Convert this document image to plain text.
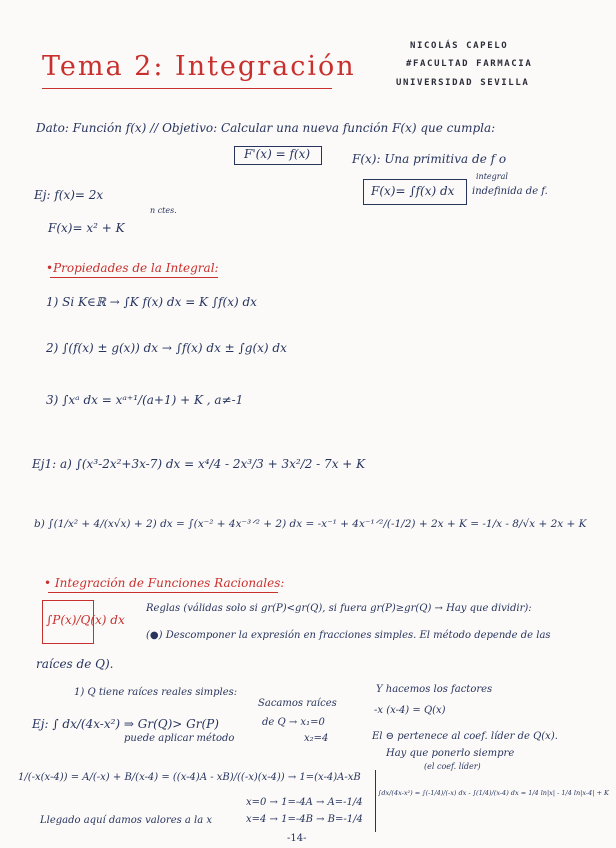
NICOLÁS CAPELO
#FACULTAD FARMACIA
UNIVERSIDAD SEVILLA
Tema 2: Integración
Dato: Función f(x) // Objetivo: Calcular una nueva función F(x) que cumpla:
F'(x) = f(x)	F(x): Una primitiva de f o
integral
F(x)= ∫f(x) dx indefinida de f.
Ej: f(x)= 2x
n ctes.
F(x)= x² + K
•Propiedades de la Integral:
1) Si K∈ℝ → ∫K f(x) dx = K ∫f(x) dx
2) ∫(f(x) ± g(x)) dx → ∫f(x) dx ± ∫g(x) dx
3) ∫xᵃ dx = xᵃ⁺¹/(a+1) + K , a≠-1
Ej1: a) ∫(x³-2x²+3x-7) dx = x⁴/4 - 2x³/3 + 3x²/2 - 7x + K
b) ∫(1/x² + 4/(x√x) + 2) dx = ∫(x⁻² + 4x⁻³ᐟ² + 2) dx = -x⁻¹ + 4x⁻¹ᐟ²/(-1/2) + 2x + K = -1/x - 8/√x + 2x + K
• Integración de Funciones Racionales:
∫P(x)/Q(x) dx
Reglas (válidas solo si gr(P)<gr(Q), si fuera gr(P)≥gr(Q) → Hay que dividir):
(●) Descomponer la expresión en fracciones simples. El método depende de las
raíces de Q).
1) Q tiene raíces reales simples:	Y hacemos los factores
Sacamos raíces
-x (x-4) = Q(x)
Ej: ∫ dx/(4x-x²) ⇒ Gr(Q)> Gr(P)	de Q → x₁=0
El ⊖ pertenece al coef. líder de Q(x).
puede aplicar método	x₂=4
Hay que ponerlo siempre
(el coef. líder)
1/(-x(x-4)) = A/(-x) + B/(x-4) = ((x-4)A - xB)/((-x)(x-4)) → 1=(x-4)A-xB
∫dx/(4x-x²) = ∫(-1/4)/(-x) dx - ∫(1/4)/(x-4) dx = 1/4 ln|x| - 1/4 ln|x-4| + K
x=0 → 1=-4A → A=-1/4
x=4 → 1=-4B → B=-1/4
Llegado aquí damos valores a la x
-14-
